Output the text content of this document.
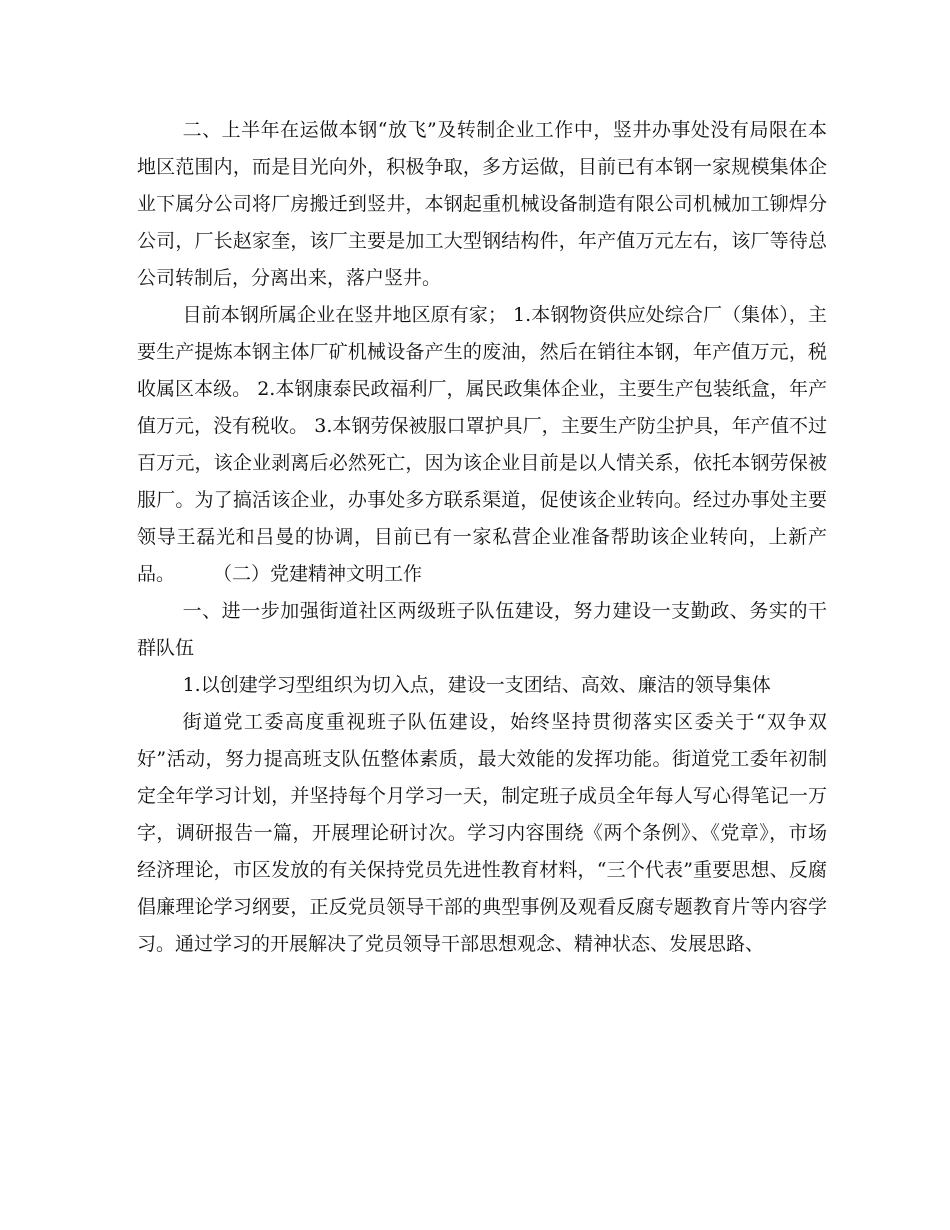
二、上半年在运做本钢“放飞”及转制企业工作中，竖井办事处没有局限在本地区范围内，而是目光向外，积极争取，多方运做，目前已有本钢一家规模集体企业下属分公司将厂房搬迁到竖井，本钢起重机械设备制造有限公司机械加工铆焊分公司，厂长赵家奎，该厂主要是加工大型钢结构件，年产值万元左右，该厂等待总公司转制后，分离出来，落户竖井。

目前本钢所属企业在竖井地区原有家； 1.本钢物资供应处综合厂（集体），主要生产提炼本钢主体厂矿机械设备产生的废油，然后在销往本钢，年产值万元，税收属区本级。 2.本钢康泰民政福利厂，属民政集体企业，主要生产包装纸盒，年产值万元，没有税收。 3.本钢劳保被服口罩护具厂，主要生产防尘护具，年产值不过百万元，该企业剥离后必然死亡，因为该企业目前是以人情关系，依托本钢劳保被服厂。为了搞活该企业，办事处多方联系渠道，促使该企业转向。经过办事处主要领导王磊光和吕曼的协调，目前已有一家私营企业准备帮助该企业转向，上新产品。　　　（二）党建精神文明工作

一、进一步加强街道社区两级班子队伍建设，努力建设一支勤政、务实的干群队伍

1.以创建学习型组织为切入点，建设一支团结、高效、廉洁的领导集体

街道党工委高度重视班子队伍建设，始终坚持贯彻落实区委关于“双争双好”活动，努力提高班支队伍整体素质，最大效能的发挥功能。街道党工委年初制定全年学习计划，并坚持每个月学习一天，制定班子成员全年每人写心得笔记一万字，调研报告一篇，开展理论研讨次。学习内容围绕《两个条例》、《党章》，市场经济理论，市区发放的有关保持党员先进性教育材料，“三个代表”重要思想、反腐倡廉理论学习纲要，正反党员领导干部的典型事例及观看反腐专题教育片等内容学习。通过学习的开展解决了党员领导干部思想观念、精神状态、发展思路、
